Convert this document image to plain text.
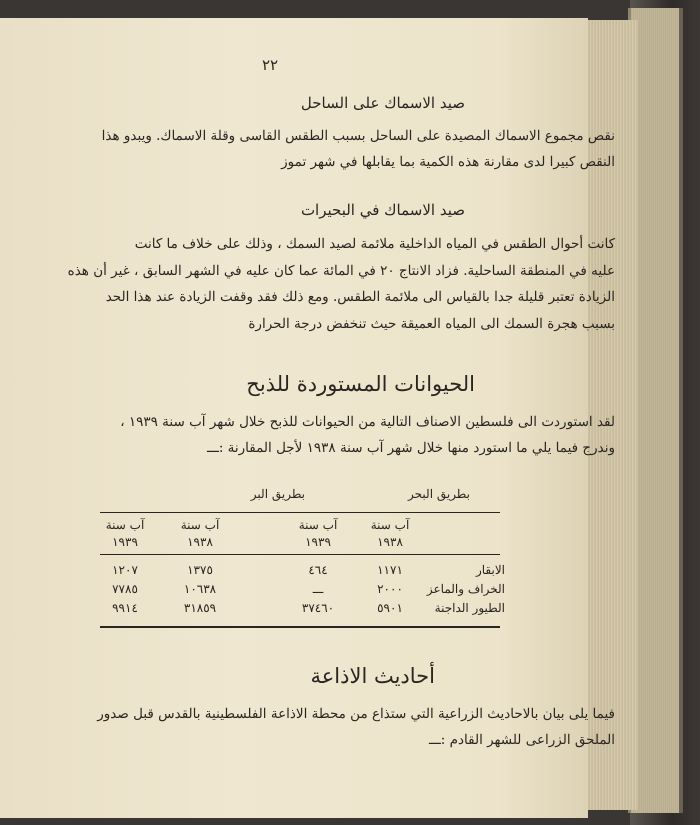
٢٢
صيد الاسماك على الساحل
نقص مجموع الاسماك المصيدة على الساحل بسبب الطقس القاسى وقلة الاسماك. ويبدو هذا
النقص كبيرا لدى مقارنة هذه الكمية بما يقابلها في شهر تموز
صيد الاسماك في البحيرات
كانت أحوال الطقس في المياه الداخلية ملائمة لصيد السمك ، وذلك على خلاف ما كانت
عليه في المنطقة الساحلية. فزاد الانتاج ٢٠ في المائة عما كان عليه في الشهر السابق ، غير أن هذه
الزيادة تعتبر قليلة جدا بالقياس الى ملائمة الطقس. ومع ذلك فقد وقفت الزيادة عند هذا الحد
بسبب هجرة السمك الى المياه العميقة حيث تنخفض درجة الحرارة
الحيوانات المستوردة للذبح
لقد استوردت الى فلسطين الاصناف التالية من الحيوانات للذبح خلال شهر آب سنة ١٩٣٩ ،
وندرج فيما يلي ما استورد منها خلال شهر آب سنة ١٩٣٨ لأجل المقارنة :ـــ
بطريق البحر
بطريق البر
آب سنة
آب سنة
آب سنة
آب سنة
١٩٣٨
١٩٣٩
١٩٣٨
١٩٣٩
الابقار
١١٧١
٤٦٤
١٣٧٥
١٢٠٧
الخراف والماعز
٢٠٠٠
ـــ
١٠٦٣٨
٧٧٨٥
الطيور الداجنة
٥٩٠١
٣٧٤٦٠
٣١٨٥٩
٩٩١٤
أحاديث الاذاعة
فيما يلى بيان بالاحاديث الزراعية التي ستذاع من محطة الاذاعة الفلسطينية بالقدس قبل صدور
الملحق الزراعى للشهر القادم :ـــ
